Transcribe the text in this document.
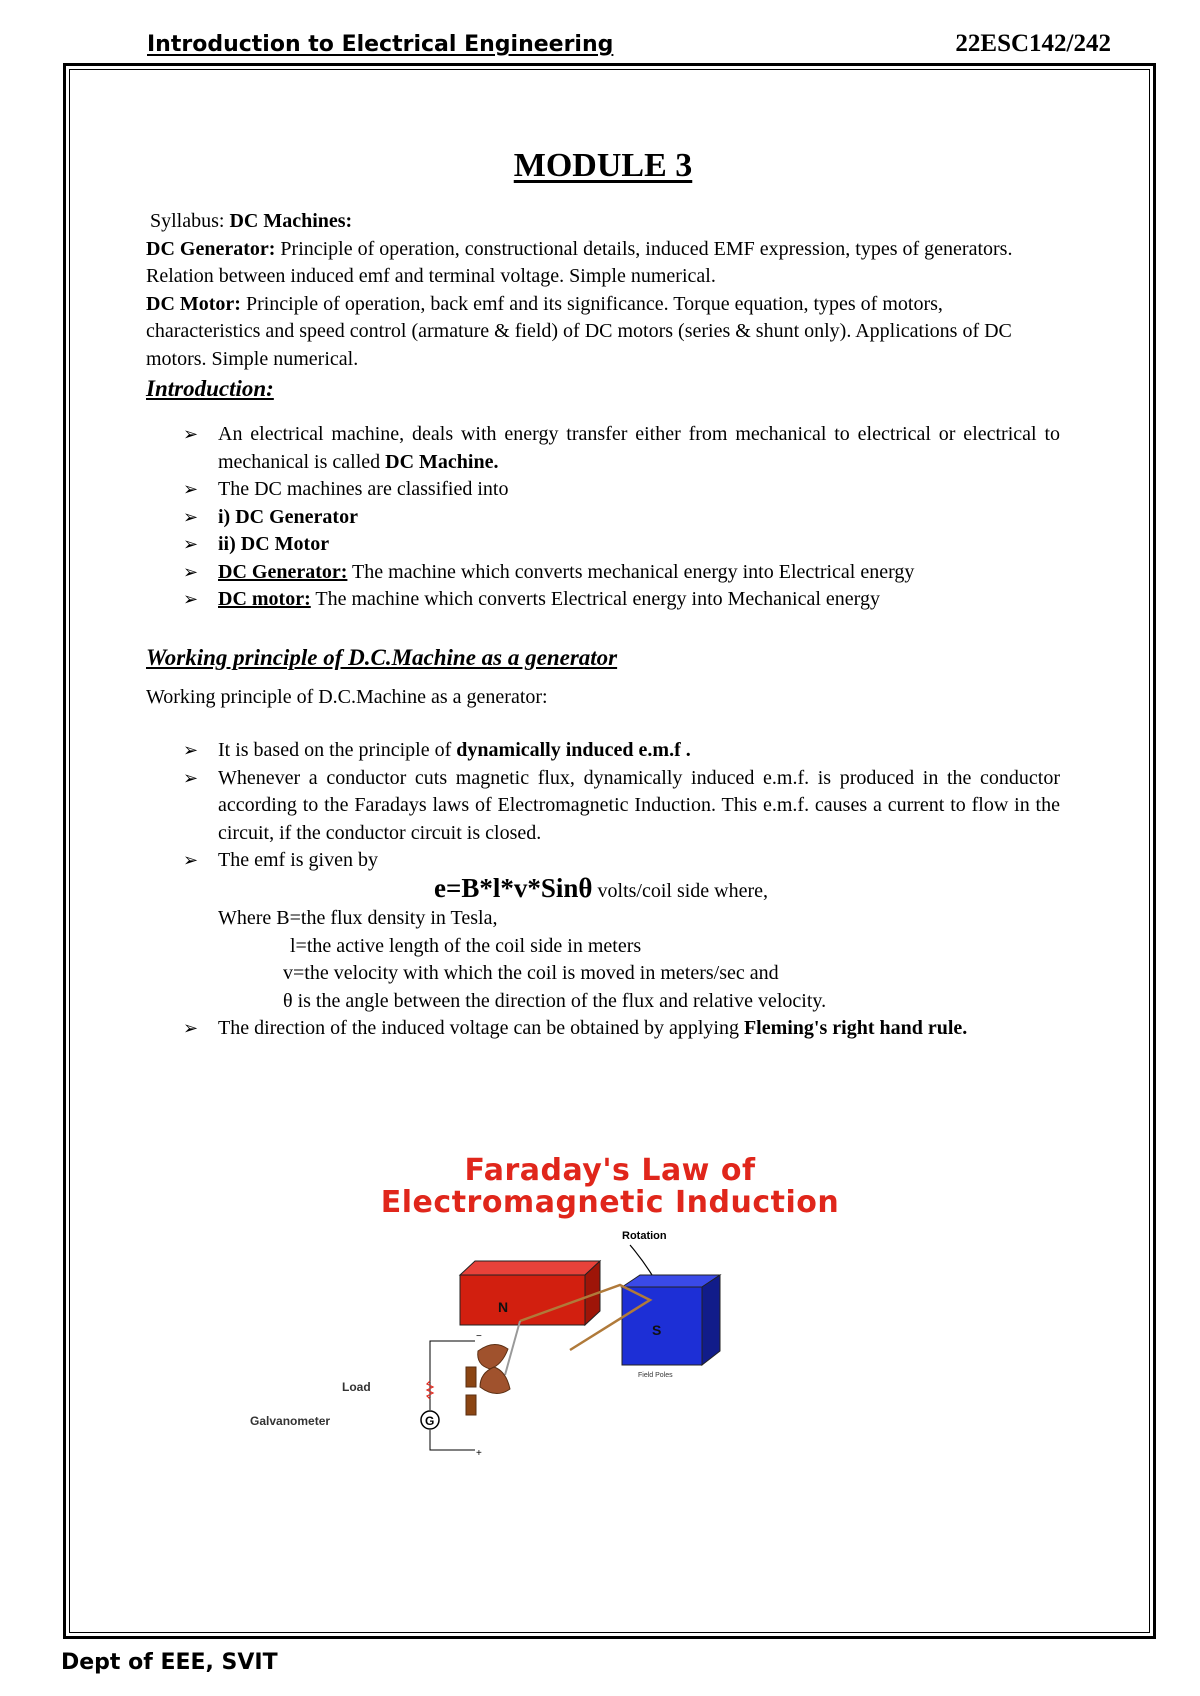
Introduction to Electrical Engineering	22ESC142/242
MODULE 3

Syllabus: DC Machines:

DC Generator: Principle of operation, constructional details, induced EMF expression, types of generators. Relation between induced emf and terminal voltage. Simple numerical.

DC Motor: Principle of operation, back emf and its significance. Torque equation, types of motors, characteristics and speed control (armature & field) of DC motors (series & shunt only). Applications of DC motors. Simple numerical.

Introduction:
➢ An electrical machine, deals with energy transfer either from mechanical to electrical or electrical to mechanical is called DC Machine.
➢ The DC machines are classified into
➢ i) DC Generator
➢ ii) DC Motor
➢ DC Generator: The machine which converts mechanical energy into Electrical energy
➢ DC motor: The machine which converts Electrical energy into Mechanical energy
Working principle of D.C.Machine as a generator

Working principle of D.C.Machine as a generator:

➢ It is based on the principle of dynamically induced e.m.f .
➢ Whenever a conductor cuts magnetic flux, dynamically induced e.m.f. is produced in the conductor according to the Faradays laws of Electromagnetic Induction. This e.m.f. causes a current to flow in the circuit, if the conductor circuit is closed.
➢ The emf is given by
e=B*l*v*Sinθ volts/coil side where,
Where B=the flux density in Tesla,
l=the active length of the coil side in meters
v=the velocity with which the coil is moved in meters/sec and
θ is the angle between the direction of the flux and relative velocity.
➢ The direction of the induced voltage can be obtained by applying Fleming's right hand rule.
Faraday's Law of
Electromagnetic Induction
Rotation
N
S
Field Poles
−
+
Load
G
Galvanometer
Dept of EEE, SVIT
